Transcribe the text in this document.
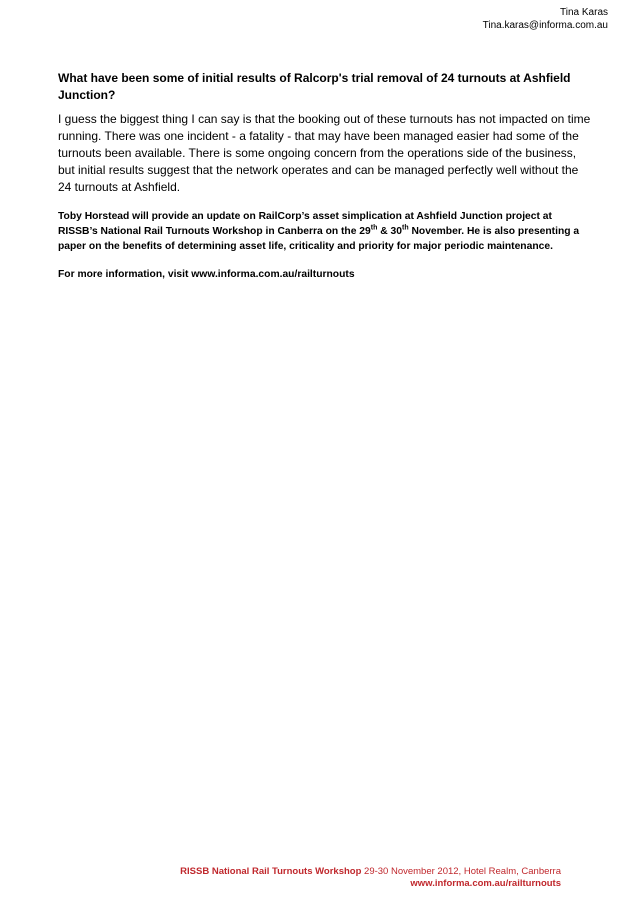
Tina Karas
Tina.karas@informa.com.au

What have been some of initial results of Ralcorp's trial removal of 24 turnouts at Ashfield Junction?

I guess the biggest thing I can say is that the booking out of these turnouts has not impacted on time running. There was one incident - a fatality - that may have been managed easier had some of the turnouts been available. There is some ongoing concern from the operations side of the business, but initial results suggest that the network operates and can be managed perfectly well without the 24 turnouts at Ashfield.

Toby Horstead will provide an update on RailCorp’s asset simplication at Ashfield Junction project at RISSB’s National Rail Turnouts Workshop in Canberra on the 29th & 30th November. He is also presenting a paper on the benefits of determining asset life, criticality and priority for major periodic maintenance.

For more information, visit www.informa.com.au/railturnouts

RISSB National Rail Turnouts Workshop 29-30 November 2012, Hotel Realm, Canberra
www.informa.com.au/railturnouts
